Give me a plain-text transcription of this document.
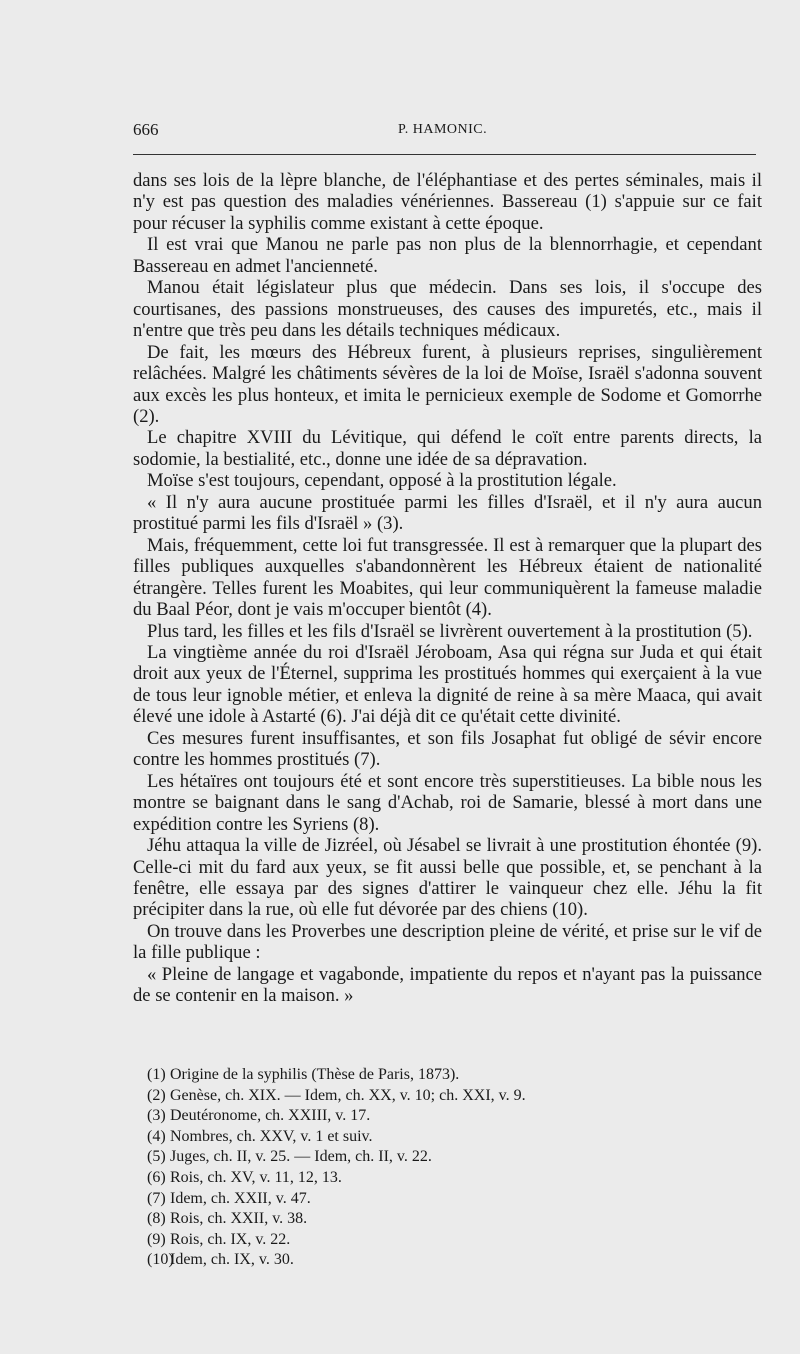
666	P. HAMONIC.

dans ses lois de la lèpre blanche, de l'éléphantiase et des pertes séminales, mais il n'y est pas question des maladies vénériennes. Bassereau (1) s'appuie sur ce fait pour récuser la syphilis comme existant à cette époque.

Il est vrai que Manou ne parle pas non plus de la blennorrhagie, et cependant Bassereau en admet l'ancienneté.

Manou était législateur plus que médecin. Dans ses lois, il s'occupe des courtisanes, des passions monstrueuses, des causes des impuretés, etc., mais il n'entre que très peu dans les détails techniques médicaux.

De fait, les mœurs des Hébreux furent, à plusieurs reprises, singulièrement relâchées. Malgré les châtiments sévères de la loi de Moïse, Israël s'adonna souvent aux excès les plus honteux, et imita le pernicieux exemple de Sodome et Gomorrhe (2).

Le chapitre XVIII du Lévitique, qui défend le coït entre parents directs, la sodomie, la bestialité, etc., donne une idée de sa dépravation.

Moïse s'est toujours, cependant, opposé à la prostitution légale.

« Il n'y aura aucune prostituée parmi les filles d'Israël, et il n'y aura aucun prostitué parmi les fils d'Israël » (3).

Mais, fréquemment, cette loi fut transgressée. Il est à remarquer que la plupart des filles publiques auxquelles s'abandonnèrent les Hébreux étaient de nationalité étrangère. Telles furent les Moabites, qui leur communiquèrent la fameuse maladie du Baal Péor, dont je vais m'occuper bientôt (4).

Plus tard, les filles et les fils d'Israël se livrèrent ouvertement à la prostitution (5).

La vingtième année du roi d'Israël Jéroboam, Asa qui régna sur Juda et qui était droit aux yeux de l'Éternel, supprima les prostitués hommes qui exerçaient à la vue de tous leur ignoble métier, et enleva la dignité de reine à sa mère Maaca, qui avait élevé une idole à Astarté (6). J'ai déjà dit ce qu'était cette divinité.

Ces mesures furent insuffisantes, et son fils Josaphat fut obligé de sévir encore contre les hommes prostitués (7).

Les hétaïres ont toujours été et sont encore très superstitieuses. La bible nous les montre se baignant dans le sang d'Achab, roi de Samarie, blessé à mort dans une expédition contre les Syriens (8).

Jéhu attaqua la ville de Jizréel, où Jésabel se livrait à une prostitution éhontée (9). Celle-ci mit du fard aux yeux, se fit aussi belle que possible, et, se penchant à la fenêtre, elle essaya par des signes d'attirer le vainqueur chez elle. Jéhu la fit précipiter dans la rue, où elle fut dévorée par des chiens (10).

On trouve dans les Proverbes une description pleine de vérité, et prise sur le vif de la fille publique :

« Pleine de langage et vagabonde, impatiente du repos et n'ayant pas la puissance de se contenir en la maison. »

(1) Origine de la syphilis (Thèse de Paris, 1873).
(2) Genèse, ch. XIX. — Idem, ch. XX, v. 10; ch. XXI, v. 9.
(3) Deutéronome, ch. XXIII, v. 17.
(4) Nombres, ch. XXV, v. 1 et suiv.
(5) Juges, ch. II, v. 25. — Idem, ch. II, v. 22.
(6) Rois, ch. XV, v. 11, 12, 13.
(7) Idem, ch. XXII, v. 47.
(8) Rois, ch. XXII, v. 38.
(9) Rois, ch. IX, v. 22.
(10)
Idem, ch. IX, v. 30.
